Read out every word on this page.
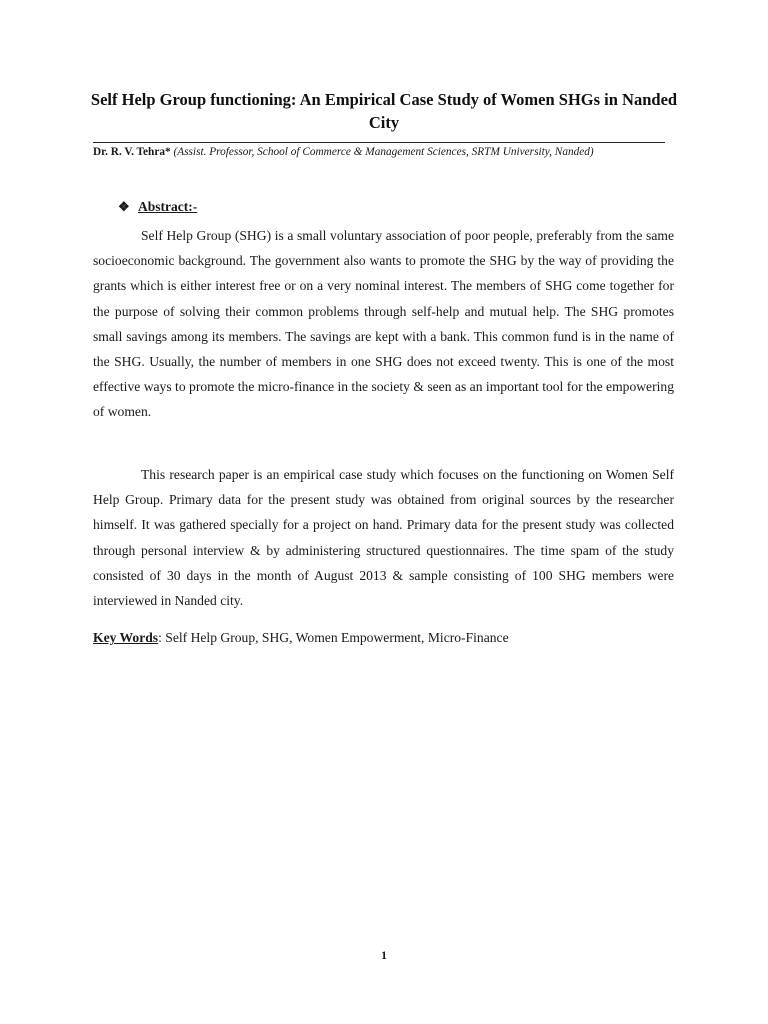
Self Help Group functioning: An Empirical Case Study of Women SHGs in Nanded City
Dr. R. V. Tehra* (Assist. Professor, School of Commerce & Management Sciences, SRTM University, Nanded)
❖ Abstract:-

Self Help Group (SHG) is a small voluntary association of poor people, preferably from the same socioeconomic background. The government also wants to promote the SHG by the way of providing the grants which is either interest free or on a very nominal interest. The members of SHG come together for the purpose of solving their common problems through self-help and mutual help. The SHG promotes small savings among its members. The savings are kept with a bank. This common fund is in the name of the SHG. Usually, the number of members in one SHG does not exceed twenty. This is one of the most effective ways to promote the micro-finance in the society & seen as an important tool for the empowering of women.

This research paper is an empirical case study which focuses on the functioning on Women Self Help Group. Primary data for the present study was obtained from original sources by the researcher himself. It was gathered specially for a project on hand. Primary data for the present study was collected through personal interview & by administering structured questionnaires. The time spam of the study consisted of 30 days in the month of August 2013 & sample consisting of 100 SHG members were interviewed in Nanded city.

Key Words: Self Help Group, SHG, Women Empowerment, Micro-Finance
1
